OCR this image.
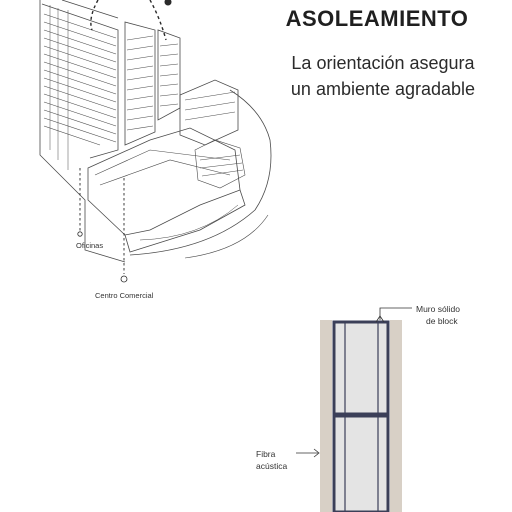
ASOLEAMIENTO
La orientación asegura
un ambiente agradable
Oficinas
Centro Comercial
Muro sólido
de block
Fibra
acústica
